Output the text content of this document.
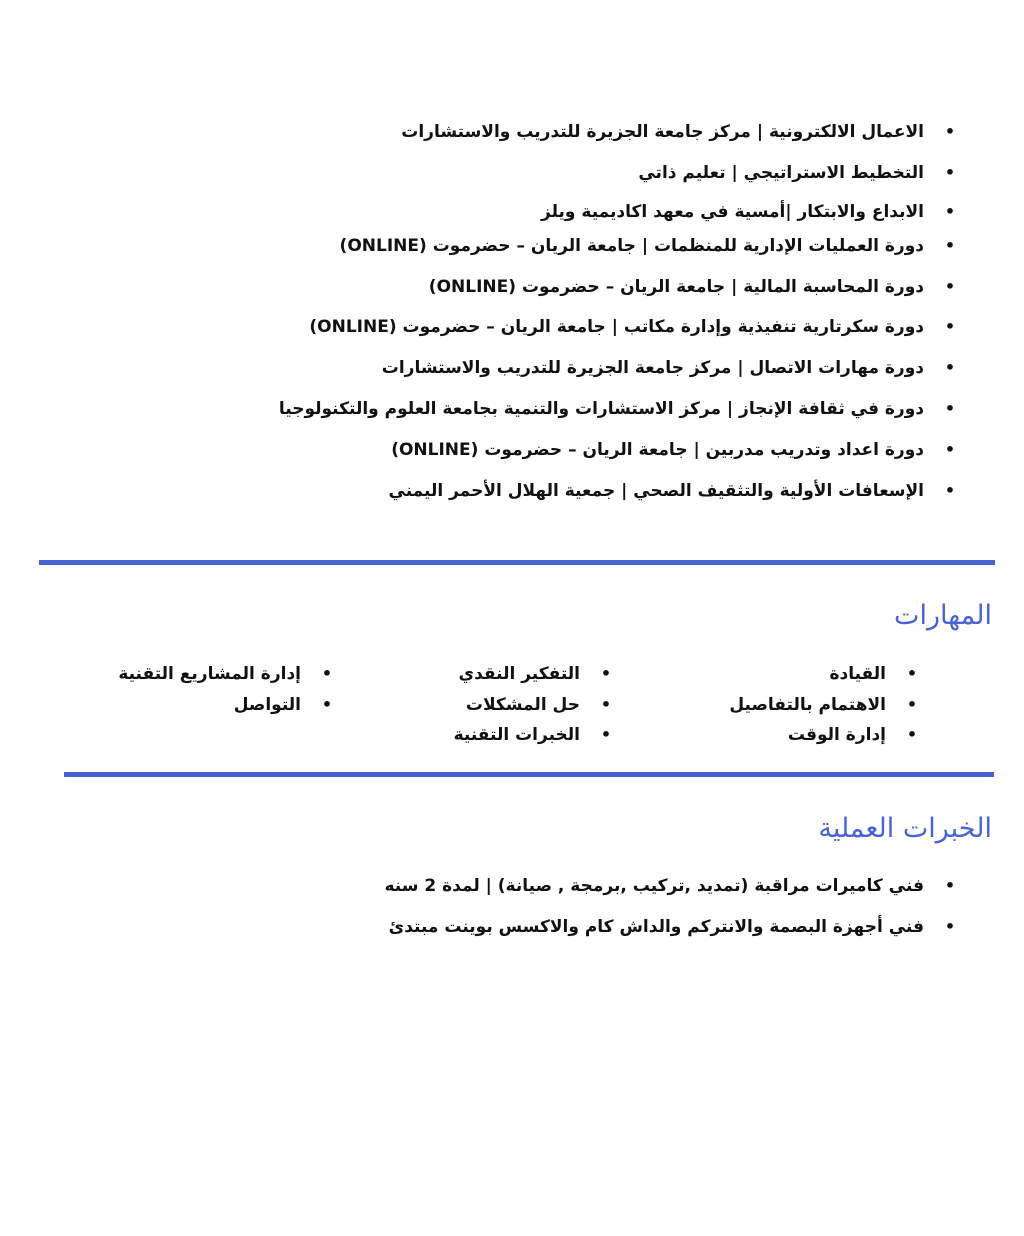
•
الاعمال الالكترونية | مركز جامعة الجزيرة للتدريب والاستشارات
•
التخطيط الاستراتيجي | تعليم ذاتي
•
الابداع والابتكار |أمسية في معهد اكاديمية ويلز
•
دورة العمليات الإدارية للمنظمات | جامعة الريان – حضرموت (ONLINE)
•
دورة المحاسبة المالية | جامعة الريان – حضرموت (ONLINE)
•
دورة سكرتارية تنفيذية وإدارة مكاتب | جامعة الريان – حضرموت (ONLINE)
•
دورة مهارات الاتصال | مركز جامعة الجزيرة للتدريب والاستشارات
•
دورة في ثقافة الإنجاز | مركز الاستشارات والتنمية بجامعة العلوم والتكنولوجيا
•
دورة اعداد وتدريب مدربين | جامعة الريان – حضرموت (ONLINE)
•
الإسعافات الأولية والتثقيف الصحي | جمعية الهلال الأحمر اليمني
المهارات
•
القيادة
•
الاهتمام بالتفاصيل
•
إدارة الوقت
•
التفكير النقدي
•
حل المشكلات
•
الخبرات التقنية
•
إدارة المشاريع التقنية
•
التواصل
الخبرات العملية
•
فني كاميرات مراقبة (تمديد ,تركيب ,برمجة , صيانة) | لمدة 2 سنه
•
فني أجهزة البصمة والانتركم والداش كام والاكسس بوينت مبتدئ
